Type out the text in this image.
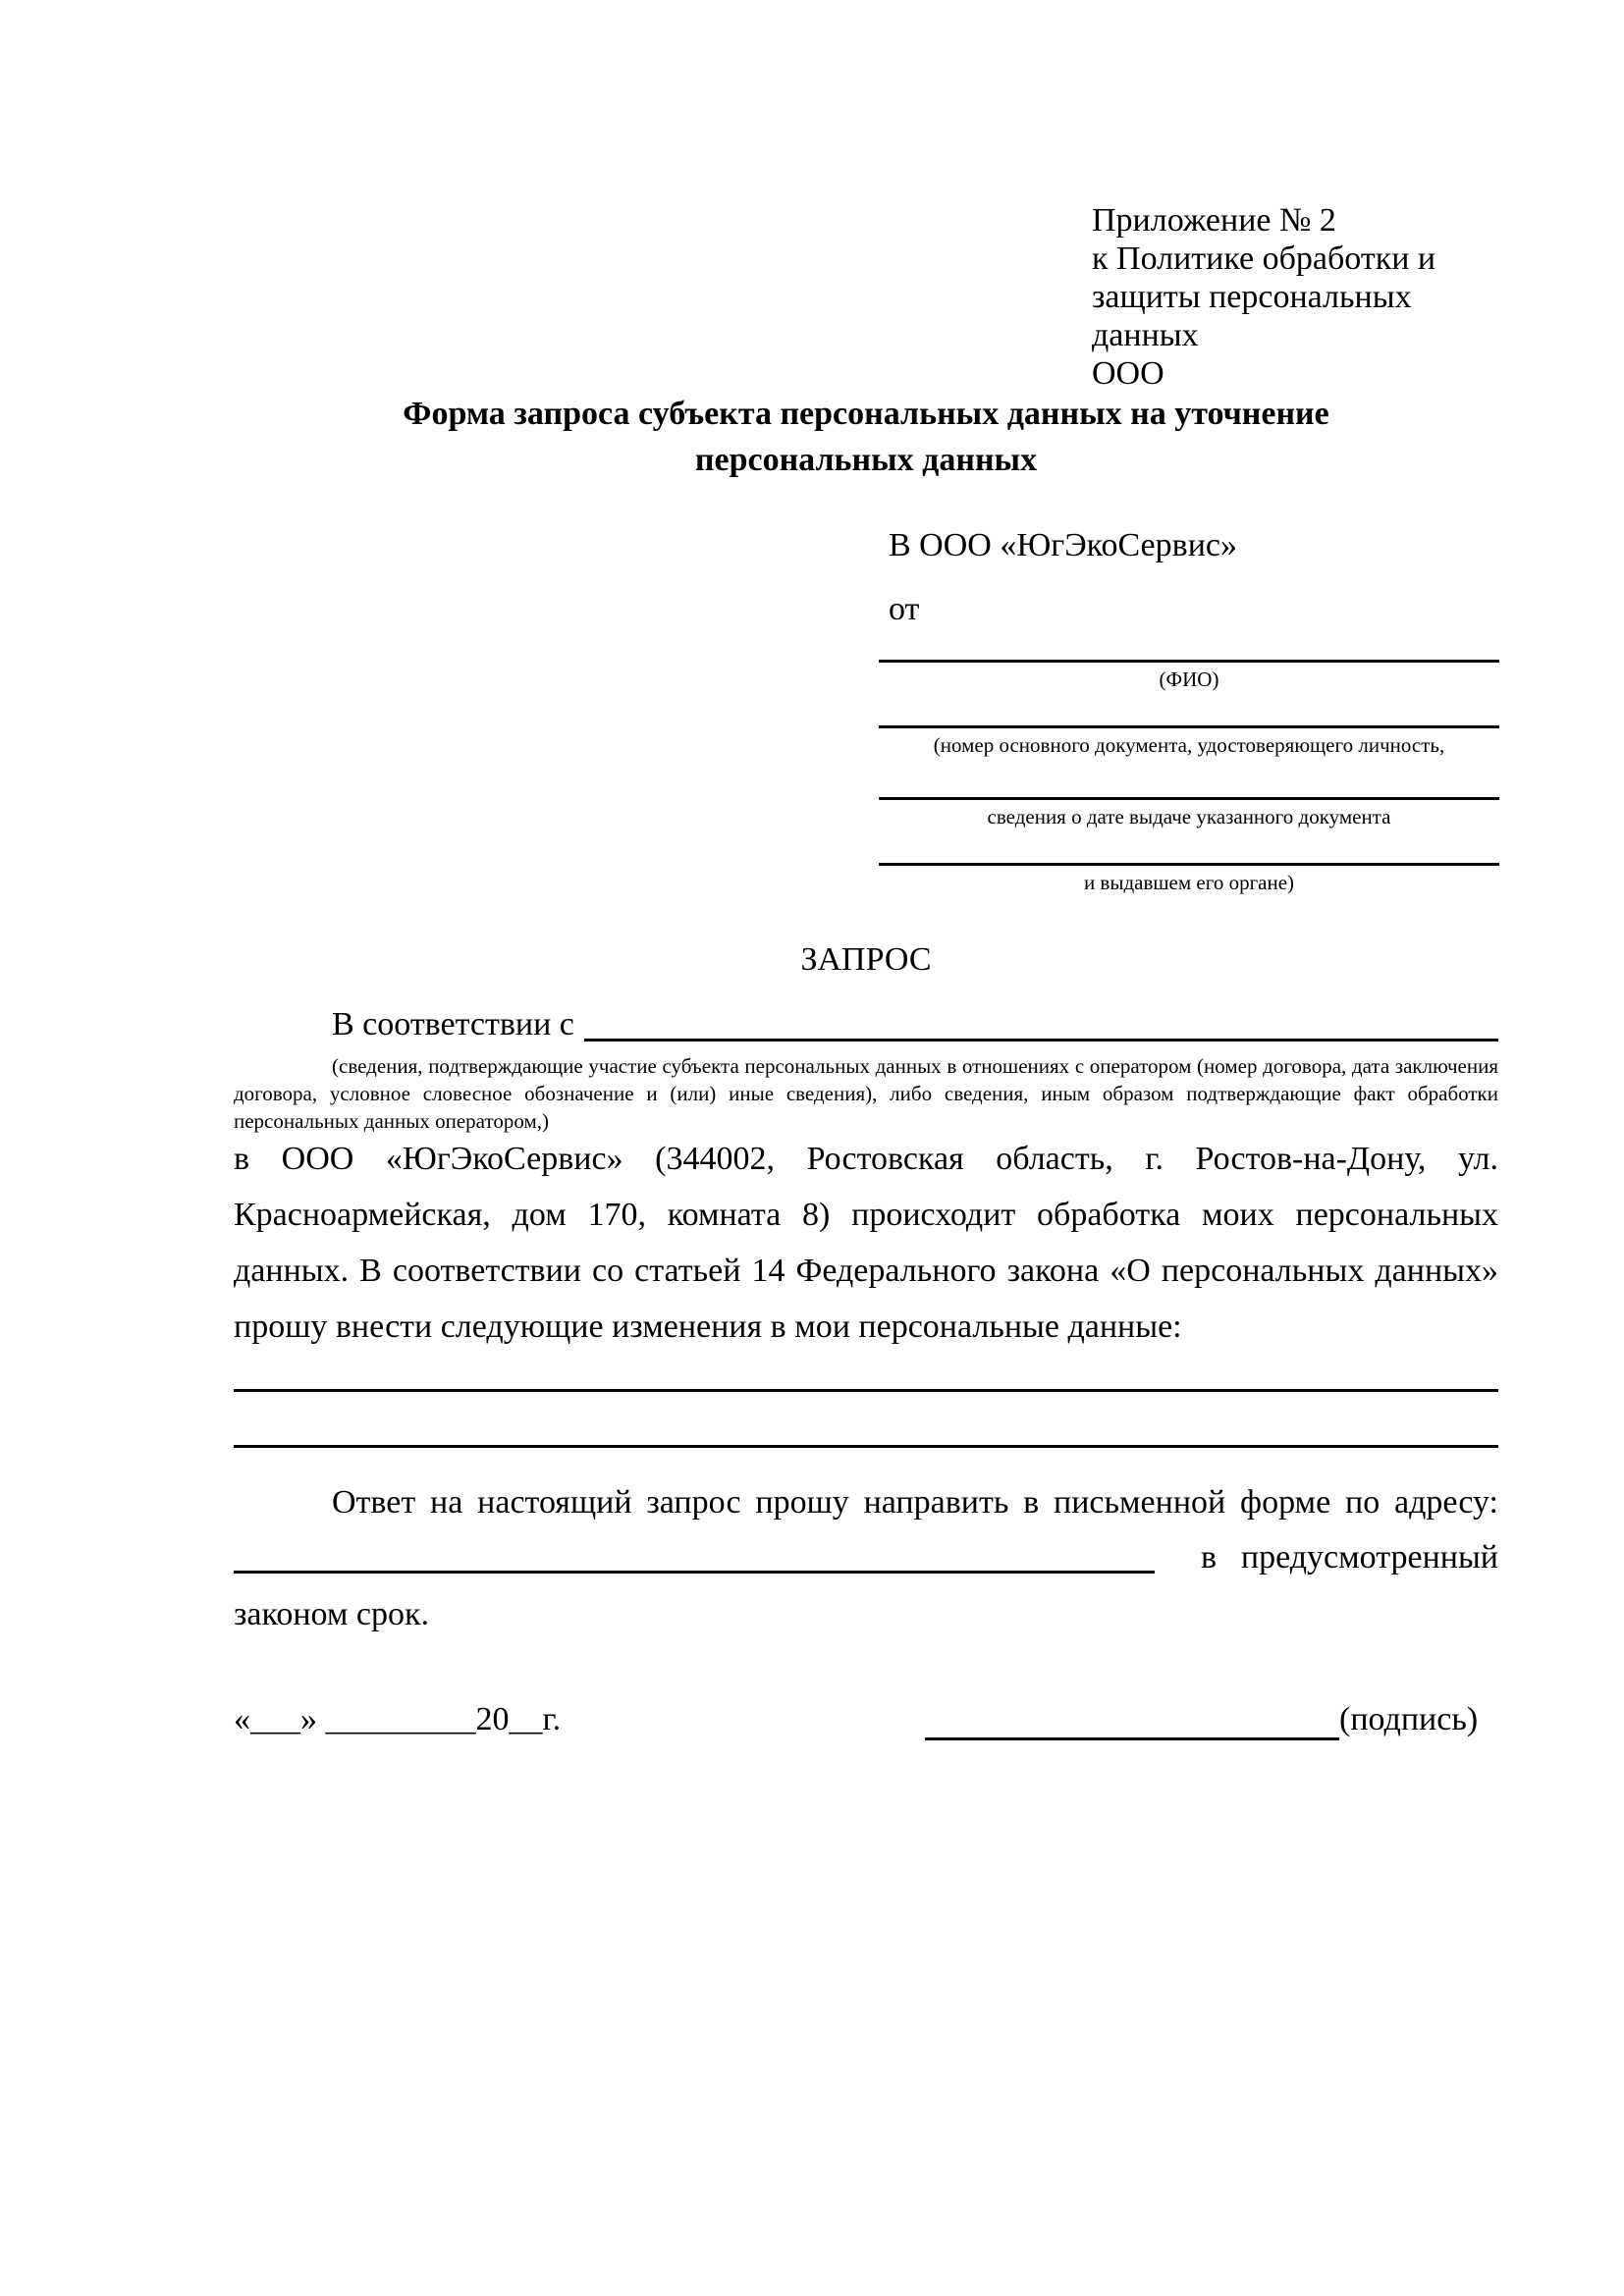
Приложение № 2
к Политике обработки и
защиты персональных данных
ООО
Форма запроса субъекта персональных данных на уточнение
персональных данных
В ООО «ЮгЭкоСервис»
от
(ФИО)
(номер основного документа, удостоверяющего личность,
сведения о дате выдаче указанного документа
и выдавшем его органе)
ЗАПРОС
В соответствии с
(сведения, подтверждающие участие субъекта персональных данных в отношениях с оператором (номер договора, дата заключения договора, условное словесное обозначение и (или) иные сведения), либо сведения, иным образом подтверждающие факт обработки персональных данных оператором,)
в ООО «ЮгЭкоСервис» (344002, Ростовская область, г. Ростов-на-Дону, ул. Красноармейская, дом 170, комната 8) происходит обработка моих персональных данных. В соответствии со статьей 14 Федерального закона «О персональных данных» прошу внести следующие изменения в мои персональные данные:
Ответ на настоящий запрос прошу направить в письменной форме по адресу:
в предусмотренный
законом срок.
«___» _________20__г.	(подпись)
